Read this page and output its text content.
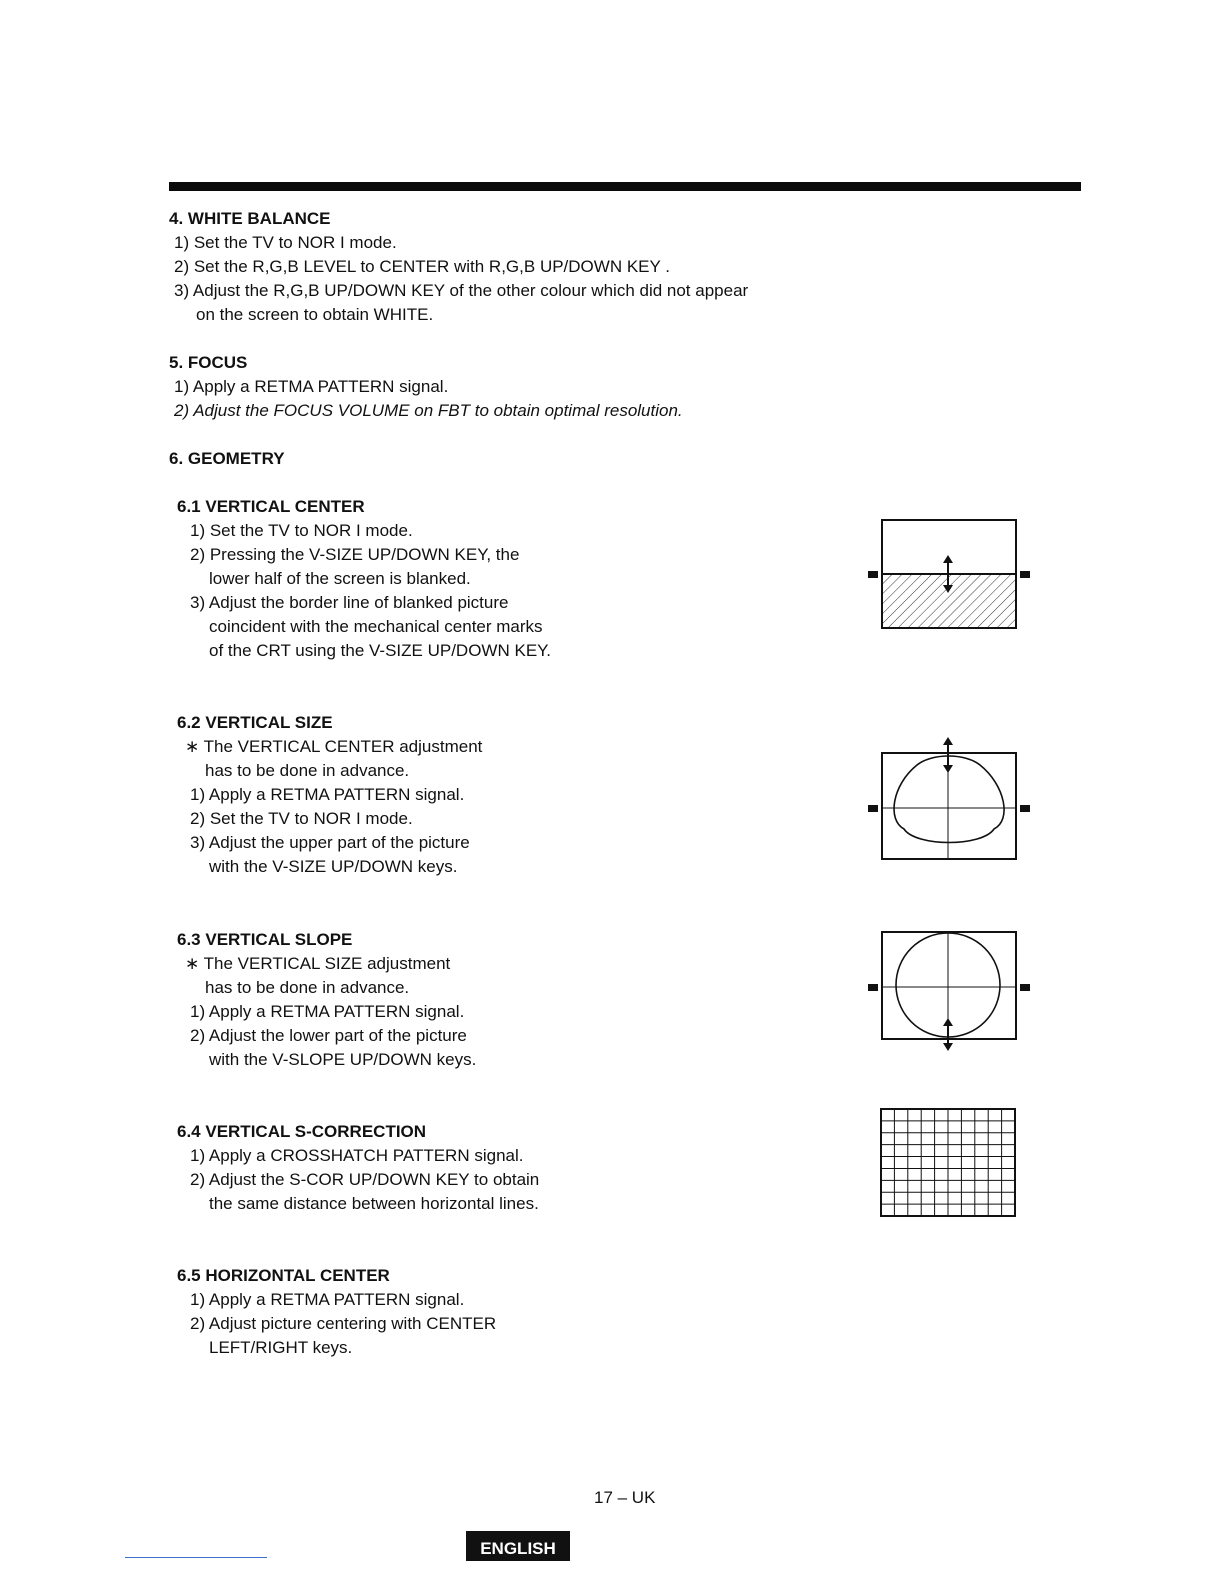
4. WHITE BALANCE
1) Set the TV to NOR I mode.
2) Set the R,G,B LEVEL to CENTER with R,G,B UP/DOWN KEY .
3) Adjust the R,G,B UP/DOWN KEY of the other colour which did not appear
on the screen to obtain WHITE.
5. FOCUS
1) Apply a RETMA PATTERN signal.
2) Adjust the FOCUS VOLUME on FBT to obtain optimal resolution.
6. GEOMETRY
6.1 VERTICAL CENTER
1) Set the TV to NOR I mode.
2) Pressing the V-SIZE UP/DOWN KEY, the
lower half of the screen is blanked.
3) Adjust the border line of blanked picture
coincident with the mechanical center marks
of the CRT using the V-SIZE UP/DOWN KEY.
6.2 VERTICAL SIZE
∗ The VERTICAL CENTER adjustment
has to be done in advance.
1) Apply a RETMA PATTERN signal.
2) Set the TV to NOR I mode.
3) Adjust the upper part of the picture
with the V-SIZE UP/DOWN keys.
6.3 VERTICAL SLOPE
∗ The VERTICAL SIZE adjustment
has to be done in advance.
1) Apply a RETMA PATTERN signal.
2) Adjust the lower part of the picture
with the V-SLOPE UP/DOWN keys.
6.4 VERTICAL S-CORRECTION
1) Apply a CROSSHATCH PATTERN signal.
2) Adjust the S-COR UP/DOWN KEY to obtain
the same distance between horizontal lines.
6.5 HORIZONTAL CENTER
1) Apply a RETMA PATTERN signal.
2) Adjust picture centering with CENTER
LEFT/RIGHT keys.
17 – UK
ENGLISH
